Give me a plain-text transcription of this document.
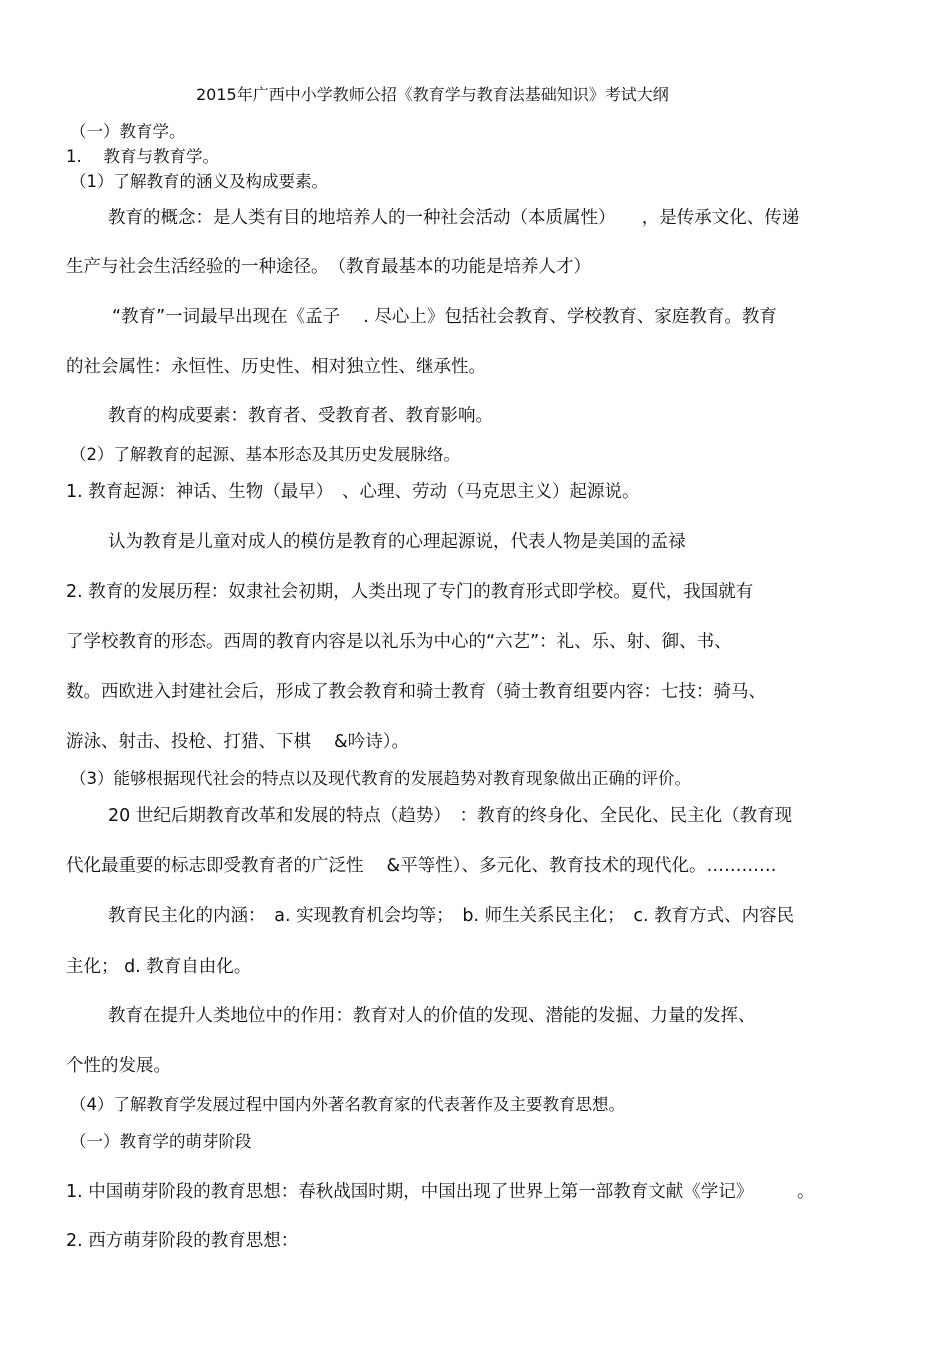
2015年广西中小学教师公招《教育学与教育法基础知识》考试大纲
（一）教育学。
1.　 教育与教育学。
（1）了解教育的涵义及构成要素。
教育的概念：是人类有目的地培养人的一种社会活动（本质属性）　　，是传承文化、传递
生产与社会生活经验的一种途径。　（教育最基本的功能是培养人才）
“教育”一词最早出现在《孟子　 . 尽心上》包括社会教育、学校教育、家庭教育。教育
的社会属性：永恒性、历史性、相对独立性、继承性。
教育的构成要素：教育者、受教育者、教育影响。
（2）了解教育的起源、基本形态及其历史发展脉络。
1. 教育起源：神话、生物（最早）　、心理、劳动（马克思主义）起源说。
认为教育是儿童对成人的模仿是教育的心理起源说，代表人物是美国的孟禄
2. 教育的发展历程：奴隶社会初期，人类出现了专门的教育形式即学校。夏代，我国就有
了学校教育的形态。西周的教育内容是以礼乐为中心的“六艺”：礼、乐、射、御、书、
数。西欧进入封建社会后，形成了教会教育和骑士教育（骑士教育组要内容：七技：骑马、
游泳、射击、投枪、打猎、下棋　 &吟诗）。
（3）能够根据现代社会的特点以及现代教育的发展趋势对教育现象做出正确的评价。
20 世纪后期教育改革和发展的特点（趋势）　：教育的终身化、全民化、民主化（教育现
代化最重要的标志即受教育者的广泛性　 &平等性）、多元化、教育技术的现代化。…………
教育民主化的内涵：　a. 实现教育机会均等；　b. 师生关系民主化；　c. 教育方式、内容民
主化； d. 教育自由化。
教育在提升人类地位中的作用：教育对人的价值的发现、潜能的发掘、力量的发挥、
个性的发展。
（4）了解教育学发展过程中国内外著名教育家的代表著作及主要教育思想。
（一）教育学的萌芽阶段
1. 中国萌芽阶段的教育思想：春秋战国时期，中国出现了世界上第一部教育文献《学记》　　　。
2. 西方萌芽阶段的教育思想：
